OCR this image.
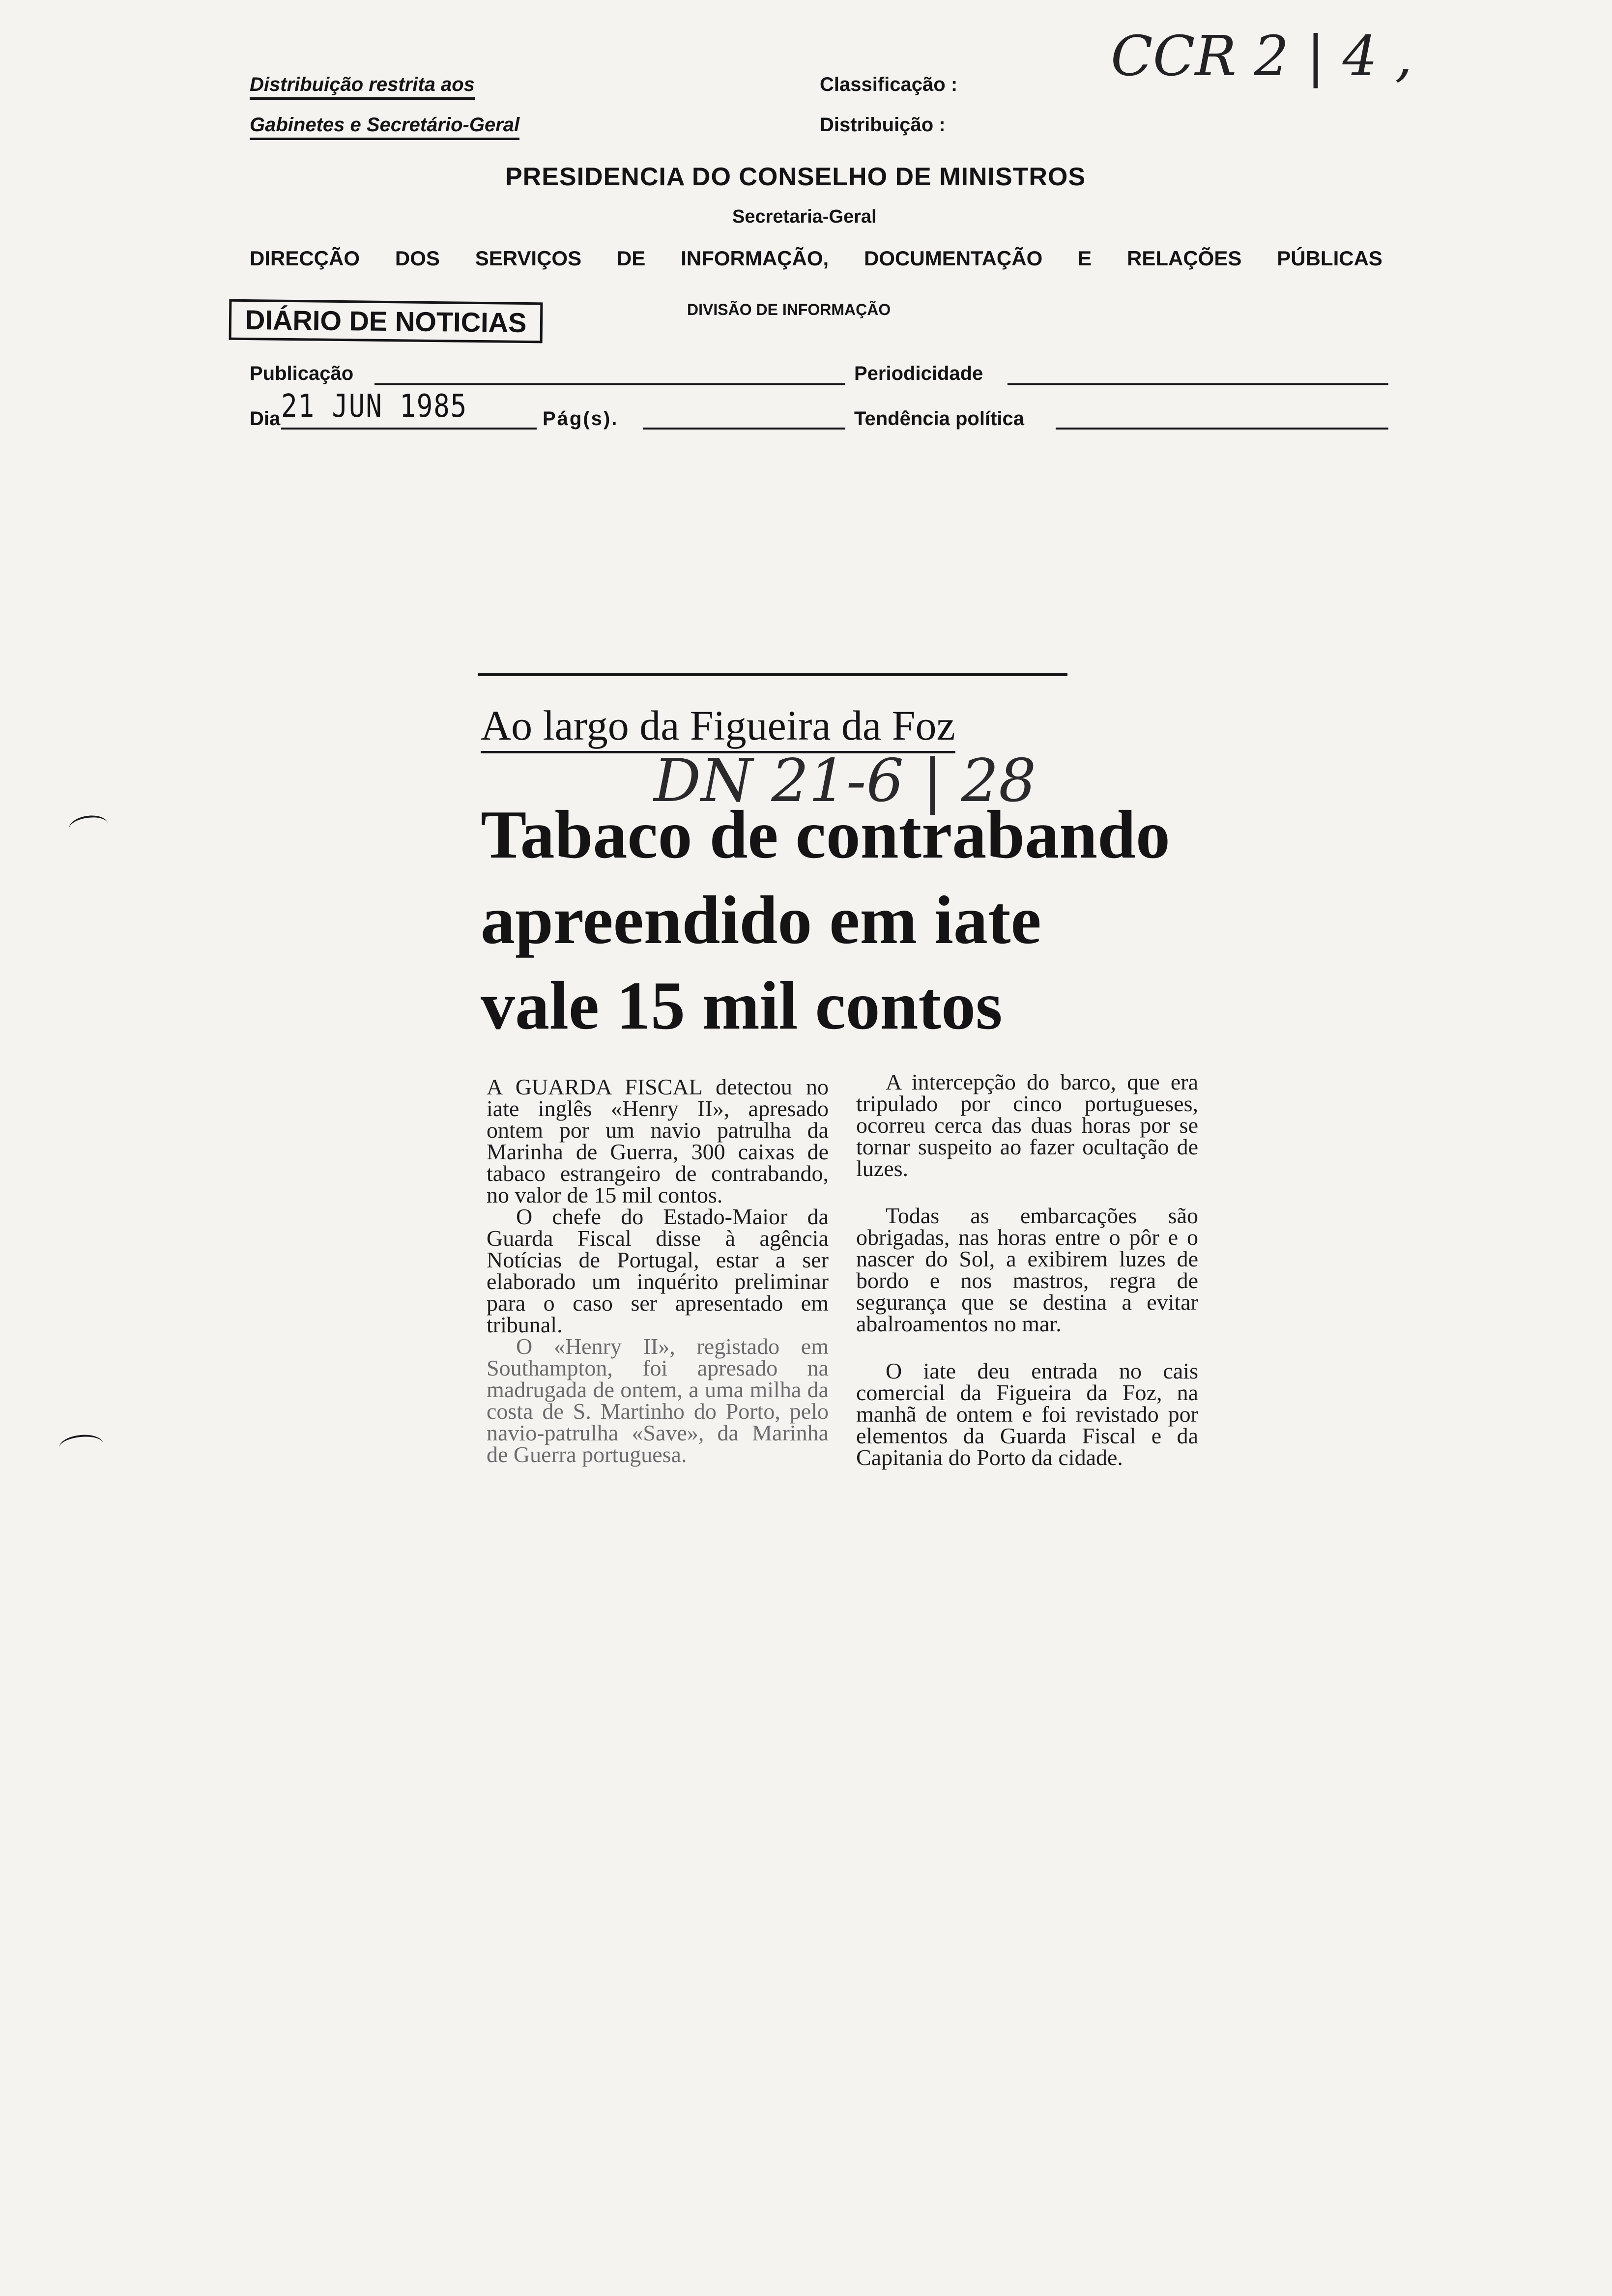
Distribuição restrita aos
Gabinetes e Secretário-Geral
Classificação :
Distribuição :
CCR 2 | 4 ,
PRESIDENCIA DO CONSELHO DE MINISTROS
Secretaria-Geral
DIRECÇÃO DOS SERVIÇOS DE INFORMAÇÃO, DOCUMENTAÇÃO E RELAÇÕES PÚBLICAS
DIÁRIO DE NOTICIAS	DIVISÃO DE INFORMAÇÃO
Publicação	Periodicidade
Dia 21 JUN 1985	Pág(s).	Tendência política
Ao largo da Figueira da Foz
DN 21-6 | 28
Tabaco de contrabando
apreendido em iate
vale 15 mil contos

A GUARDA FISCAL detectou no iate inglês «Henry II», apresado ontem por um navio patrulha da Marinha de Guerra, 300 caixas de tabaco estrangeiro de contrabando, no valor de 15 mil contos.

O chefe do Estado-Maior da Guarda Fiscal disse à agência Notícias de Portugal, estar a ser elaborado um inquérito preliminar para o caso ser apresentado em tribunal.

O «Henry II», registado em Southampton, foi apresado na madrugada de ontem, a uma milha da costa de S. Martinho do Porto, pelo navio-patrulha «Save», da Marinha de Guerra portuguesa.

A intercepção do barco, que era tripulado por cinco portugueses, ocorreu cerca das duas horas por se tornar suspeito ao fazer ocultação de luzes.

Todas as embarcações são obrigadas, nas horas entre o pôr e o nascer do Sol, a exibirem luzes de bordo e nos mastros, regra de segurança que se destina a evitar abalroamentos no mar.

O iate deu entrada no cais comercial da Figueira da Foz, na manhã de ontem e foi revistado por elementos da Guarda Fiscal e da Capitania do Porto da cidade.
